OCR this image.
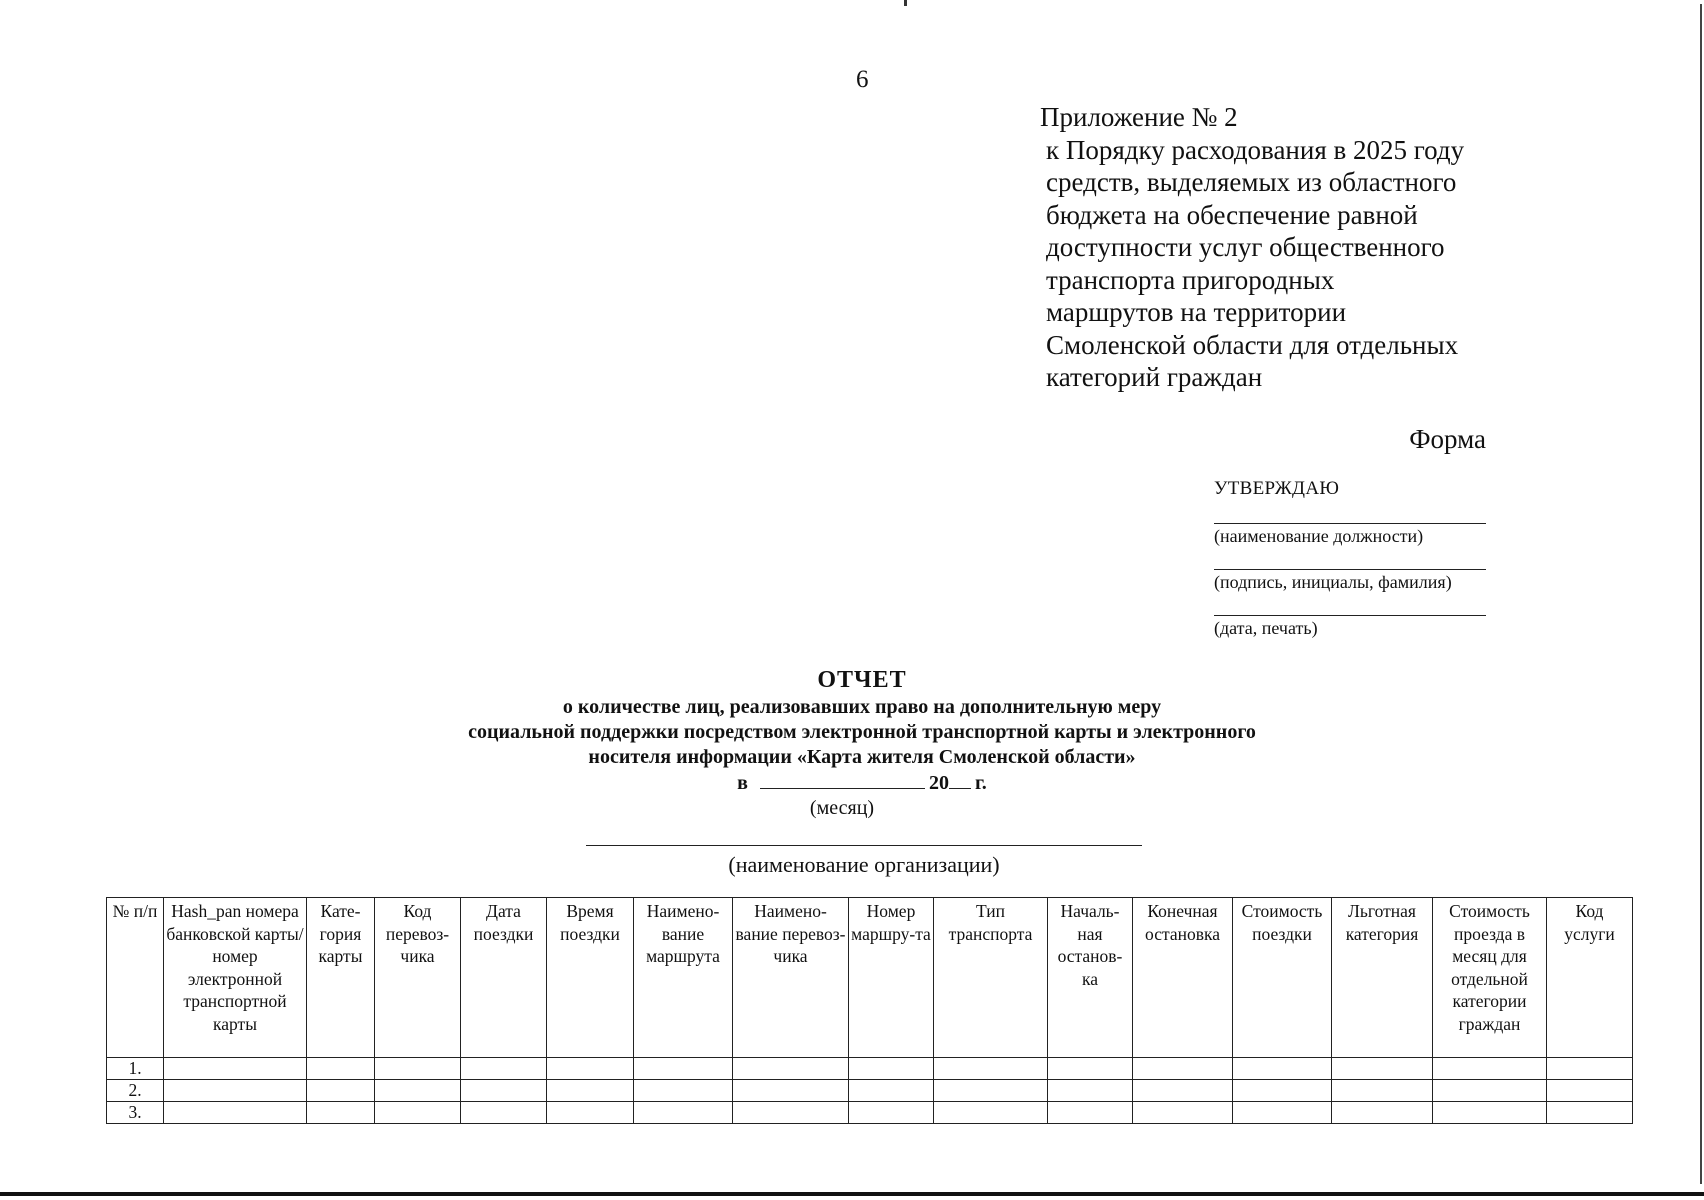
6
Приложение № 2
к Порядку расходования в 2025 году
средств, выделяемых из областного
бюджета на обеспечение равной
доступности услуг общественного
транспорта пригородных
маршрутов на территории
Смоленской области для отдельных
категорий граждан
Форма
УТВЕРЖДАЮ
(наименование должности)
(подпись, инициалы, фамилия)
(дата, печать)
ОТЧЕТ
о количестве лиц, реализовавших право на дополнительную меру
социальной поддержки посредством электронной транспортной карты и электронного
носителя информации «Карта жителя Смоленской области»
в	20 г.
(месяц)
(наименование организации)
№ п/п	Hash_pan номера банковской карты/номер электронной транспортной карты	Кате-гория карты	Код перевоз-чика	Дата поездки	Время поездки	Наимено-вание маршрута	Наимено-вание перевоз-чика	Номер маршру-та	Тип транспорта	Началь-ная останов-ка	Конечная остановка	Стоимость поездки	Льготная категория	Стоимость проезда в месяц для отдельной категории граждан	Код услуги
1.															
2.															
3.															
